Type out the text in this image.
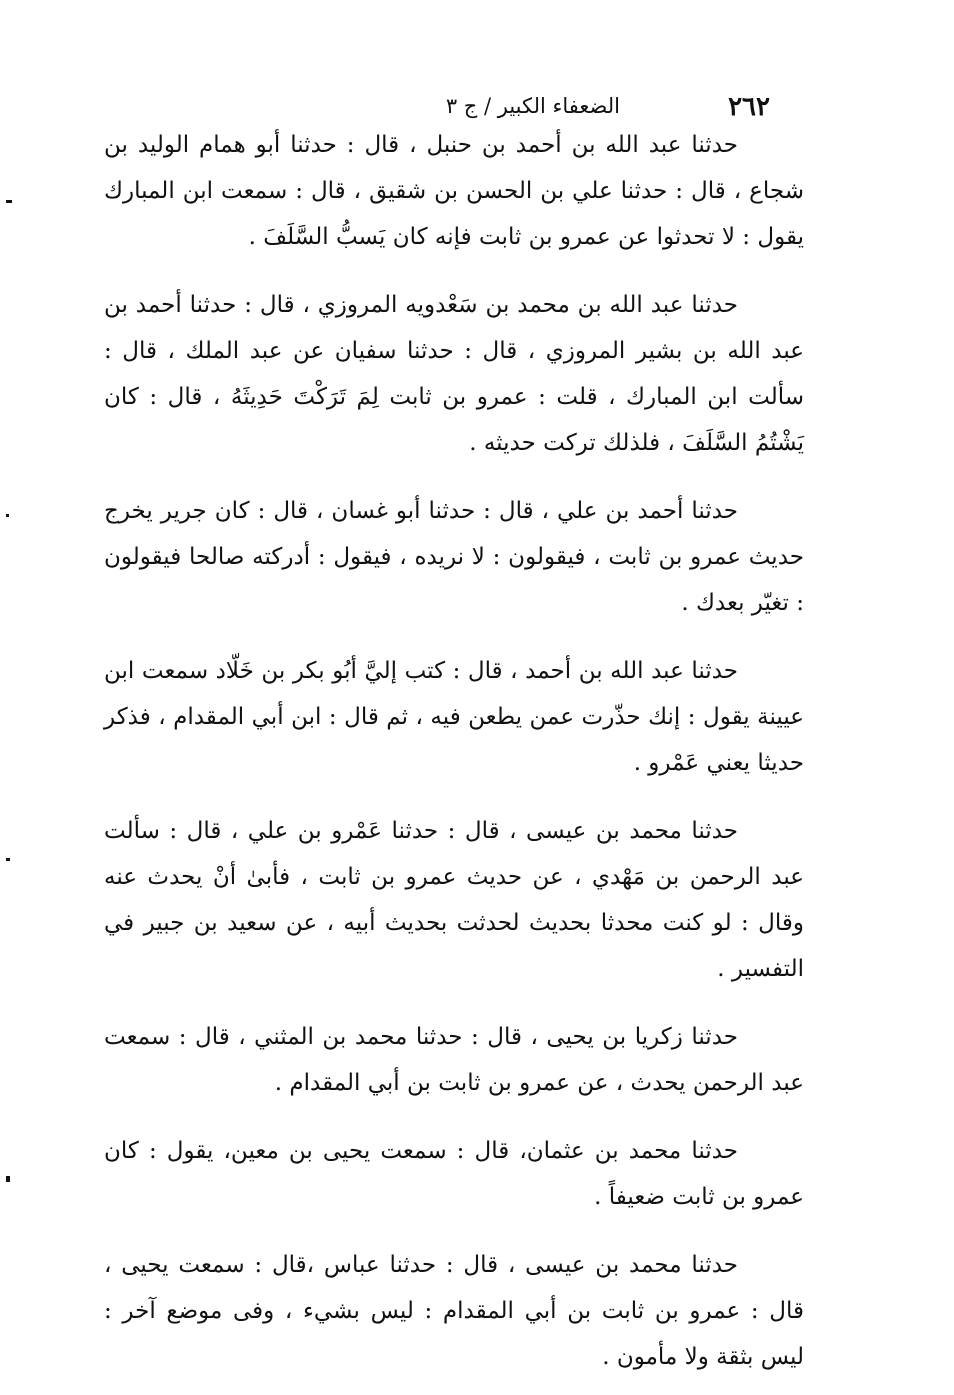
٢٦٢
الضعفاء الكبير / ج ٣

حدثنا عبد الله بن أحمد بن حنبل ، قال : حدثنا أبو همام الوليد بن شجاع ، قال : حدثنا علي بن الحسن بن شقيق ، قال : سمعت ابن المبارك يقول : لا تحدثوا عن عمرو بن ثابت فإنه كان يَسبُّ السَّلَفَ .

حدثنا عبد الله بن محمد بن سَعْدويه المروزي ، قال : حدثنا أحمد بن عبد الله بن بشير المروزي ، قال : حدثنا سفيان عن عبد الملك ، قال : سألت ابن المبارك ، قلت : عمرو بن ثابت لِمَ تَرَكْتَ حَدِيثَهُ ، قال : كان يَشْتُمُ السَّلَفَ ، فلذلك تركت حديثه .

حدثنا أحمد بن علي ، قال : حدثنا أبو غسان ، قال : كان جرير يخرج حديث عمرو بن ثابت ، فيقولون : لا نريده ، فيقول : أدركته صالحا فيقولون : تغيّر بعدك .

حدثنا عبد الله بن أحمد ، قال : كتب إليَّ أبُو بكر بن خَلّاد سمعت ابن عيينة يقول : إنك حذّرت عمن يطعن فيه ، ثم قال : ابن أبي المقدام ، فذكر حديثا يعني عَمْرو .

حدثنا محمد بن عيسى ، قال : حدثنا عَمْرو بن علي ، قال : سألت عبد الرحمن بن مَهْدي ، عن حديث عمرو بن ثابت ، فأبىٰ أنْ يحدث عنه وقال : لو كنت محدثا بحديث لحدثت بحديث أبيه ، عن سعيد بن جبير في التفسير .

حدثنا زكريا بن يحيى ، قال : حدثنا محمد بن المثني ، قال : سمعت عبد الرحمن يحدث ، عن عمرو بن ثابت بن أبي المقدام .

حدثنا محمد بن عثمان، قال : سمعت يحيى بن معين، يقول : كان عمرو بن ثابت ضعيفاً .

حدثنا محمد بن عيسى ، قال : حدثنا عباس ،قال : سمعت يحيى ، قال : عمرو بن ثابت بن أبي المقدام : ليس بشيء ، وفى موضع آخر : ليس بثقة ولا مأمون .
